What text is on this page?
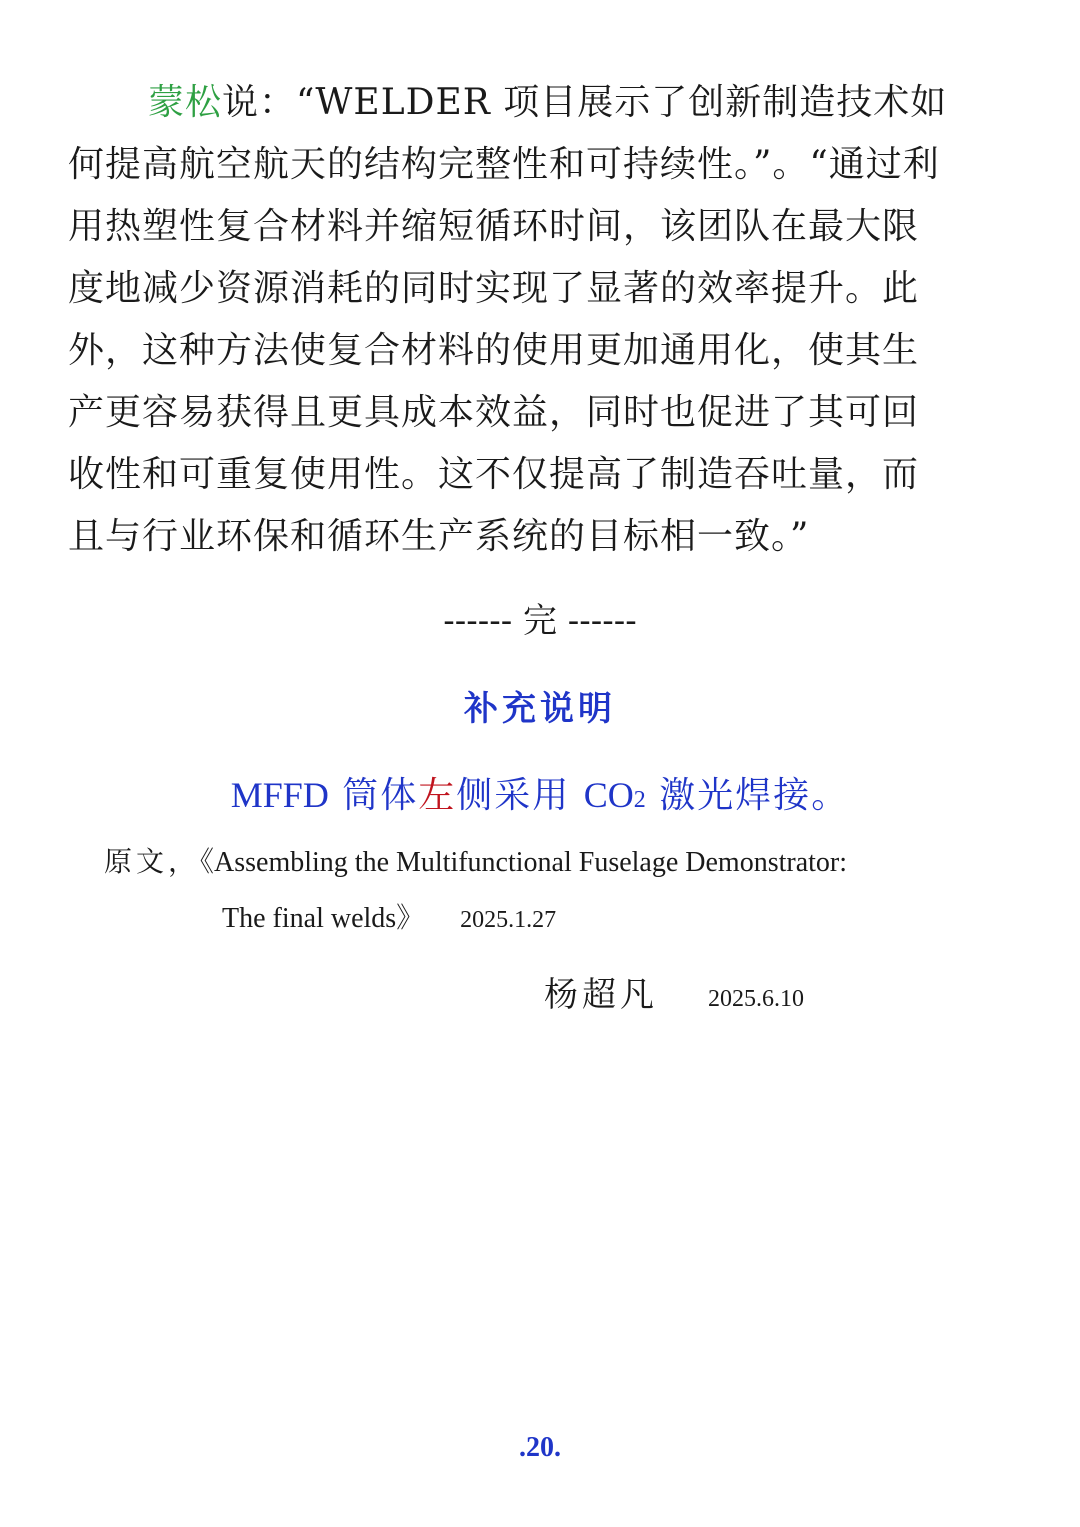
蒙松说：“WELDER 项目展示了创新制造技术如
何提高航空航天的结构完整性和可持续性。”。“通过利
用热塑性复合材料并缩短循环时间，该团队在最大限
度地减少资源消耗的同时实现了显著的效率提升。此
外，这种方法使复合材料的使用更加通用化，使其生
产更容易获得且更具成本效益，同时也促进了其可回
收性和可重复使用性。这不仅提高了制造吞吐量，而
且与行业环保和循环生产系统的目标相一致。”

------ 完 ------
补充说明
MFFD 筒体左侧采用 CO2 激光焊接。
原文，《Assembling the Multifunctional Fuselage Demonstrator:
The final welds》 2025.1.27
杨超凡 2025.6.10
.20.
